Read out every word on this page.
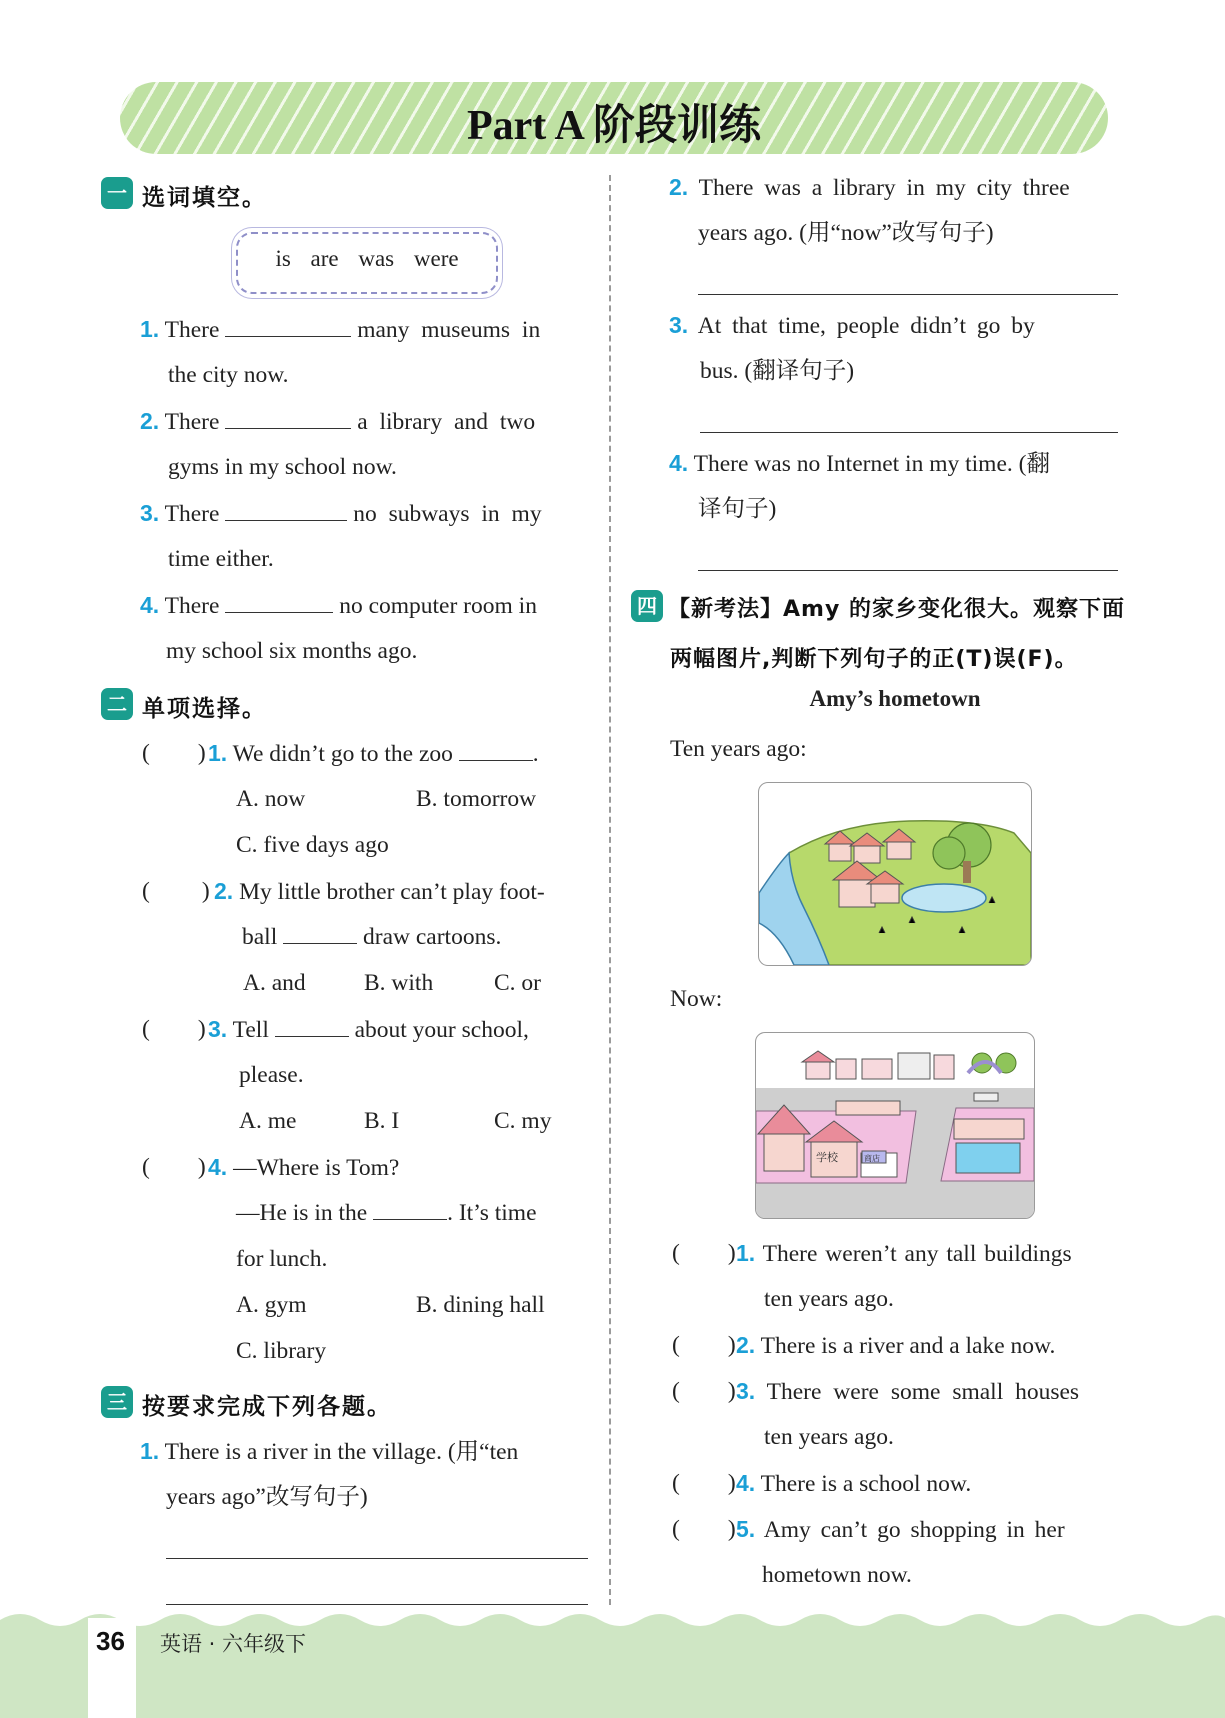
Part A 阶段训练
一 选词填空。
is are was were
1. There	many museums in
the city now.
2. There	a library and two
gyms in my school now.
3. There	no subways in my
time either.
4. There	no computer room in
my school six months ago.
二 单项选择。
( ) 1. We didn’t go to the zoo	.
A. now	B. tomorrow
C. five days ago
( ) 2. My little brother can’t play foot-
ball	draw cartoons.
A. and B. with	C. or
( ) 3. Tell	about your school,
please.
A. me	B. I	C. my
( ) 4. —Where is Tom?
—He is in the	. It’s time
for lunch.
A. gym	B. dining hall
C. library
三 按要求完成下列各题。
1. There is a river in the village. (用“ten
years ago”改写句子)
2. There was a library in my city three
years ago. (用“now”改写句子)
3. At that time, people didn’t go by
bus. (翻译句子)
4. There was no Internet in my time. (翻
译句子)
四 【新考法】Amy 的家乡变化很大。观察下面
两幅图片,判断下列句子的正(T)误(F)。
Amy’s hometown
Ten years ago:
Now:
学校	商店
( ) 1. There weren’t any tall buildings
ten years ago.
( ) 2. There is a river and a lake now.
( ) 3. There were some small houses
ten years ago.
( ) 4. There is a school now.
( ) 5. Amy can’t go shopping in her
hometown now.
36 英语 · 六年级下
